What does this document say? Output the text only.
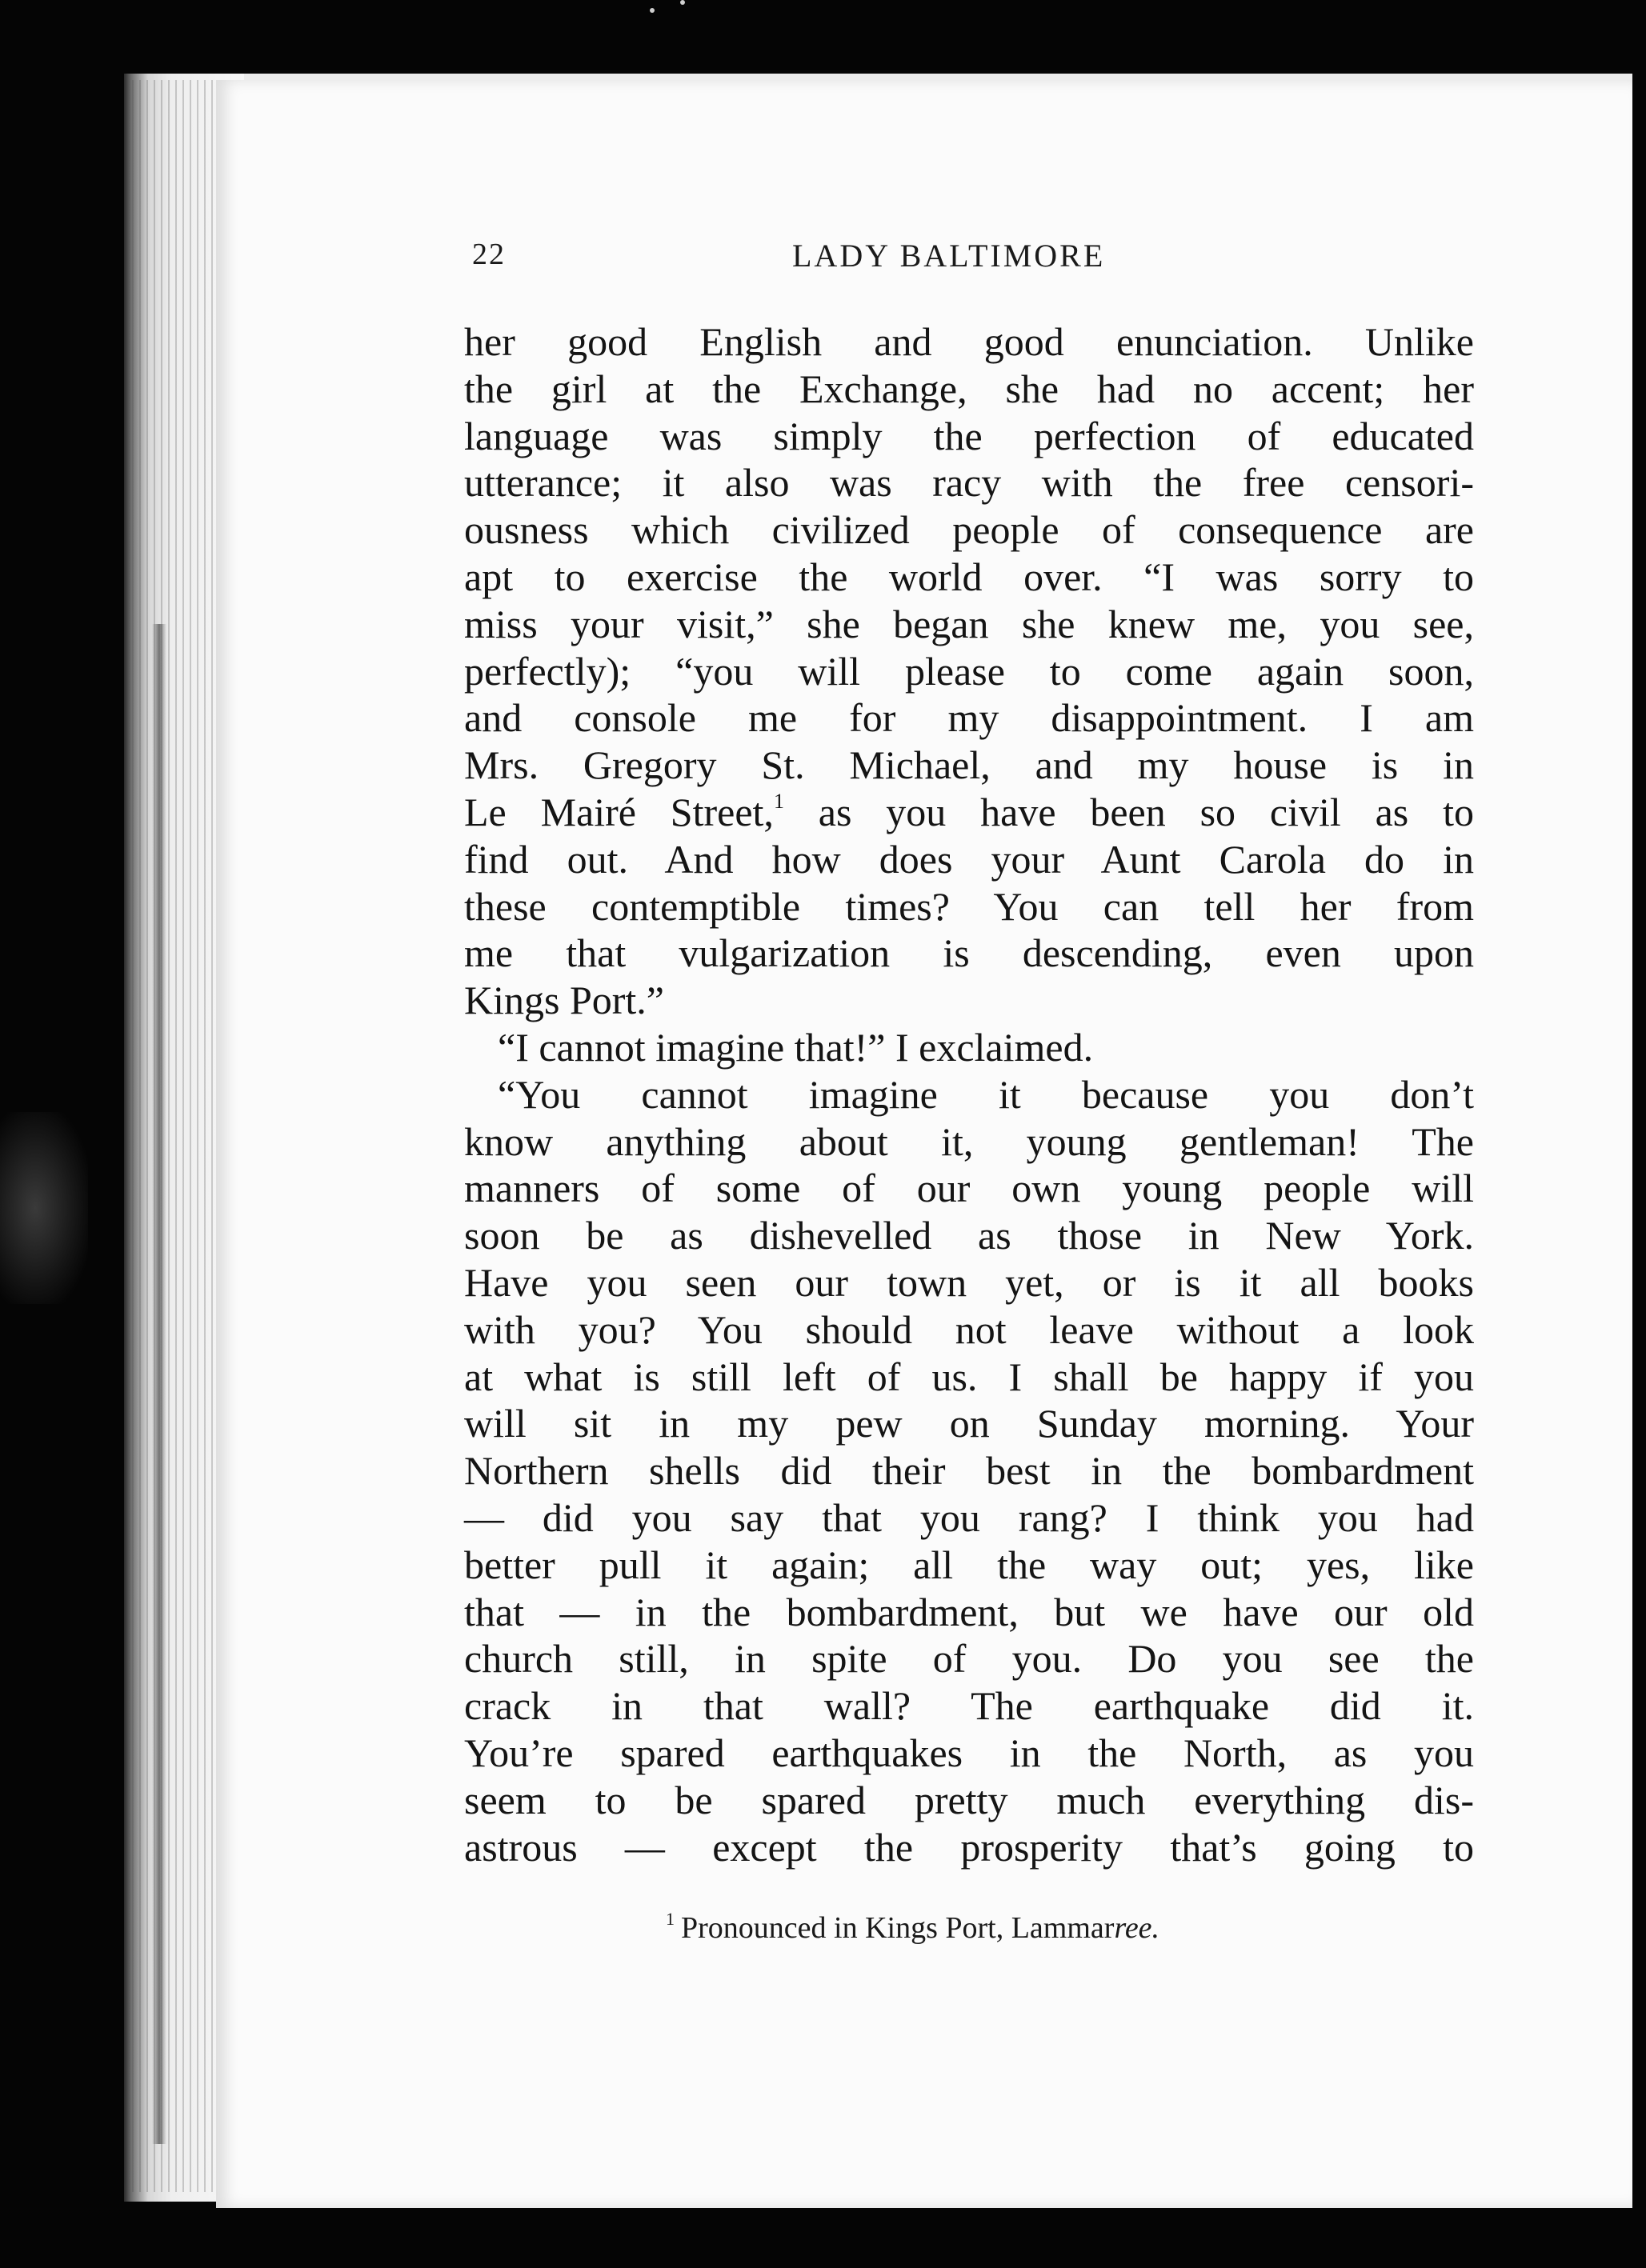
22	LADY BALTIMORE
her good English and good enunciation. Unlike
the girl at the Exchange, she had no accent; her
language was simply the perfection of educated
utterance; it also was racy with the free censori-
ousness which civilized people of consequence are
apt to exercise the world over. “I was sorry to
miss your visit,” she began she knew me, you see,
perfectly); “you will please to come again soon,
and console me for my disappointment. I am
Mrs. Gregory St. Michael, and my house is in
Le Mairé Street,$^1$ as you have been so civil as to
find out. And how does your Aunt Carola do in
these contemptible times? You can tell her from
me that vulgarization is descending, even upon
Kings Port.”
“I cannot imagine that!” I exclaimed.
“You cannot imagine it because you don’t
know anything about it, young gentleman! The
manners of some of our own young people will
soon be as dishevelled as those in New York.
Have you seen our town yet, or is it all books
with you? You should not leave without a look
at what is still left of us. I shall be happy if you
will sit in my pew on Sunday morning. Your
Northern shells did their best in the bombardment
— did you say that you rang? I think you had
better pull it again; all the way out; yes, like
that — in the bombardment, but we have our old
church still, in spite of you. Do you see the
crack in that wall? The earthquake did it.
You’re spared earthquakes in the North, as you
seem to be spared pretty much everything dis-
astrous — except the prosperity that’s going to
$^1$ Pronounced in Kings Port, Lammarree.
